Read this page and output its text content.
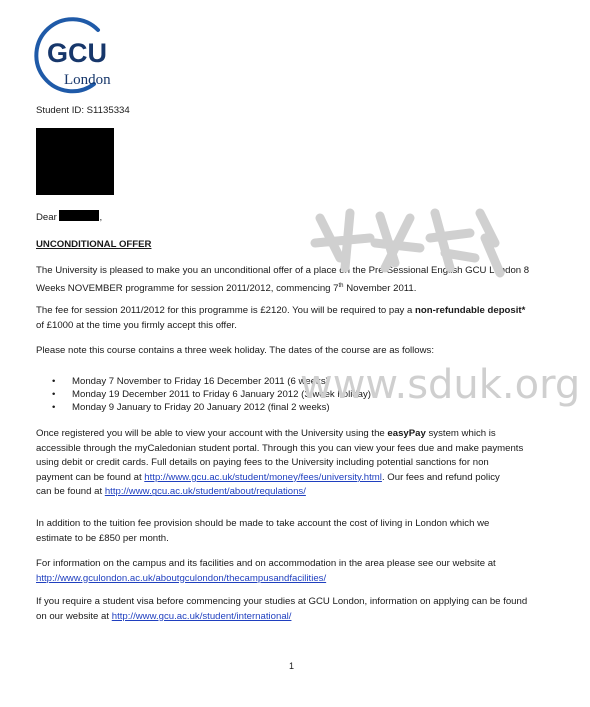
GCU
London
Student ID: S1135334
Dear	,
UNCONDITIONAL OFFER
The University is pleased to make you an unconditional offer of a place on the Pre-Sessional English GCU London 8
Weeks NOVEMBER programme for session 2011/2012, commencing 7th November 2011.
The fee for session 2011/2012 for this programme is £2120. You will be required to pay a non-refundable deposit*
of £1000 at the time you firmly accept this offer.
Please note this course contains a three week holiday. The dates of the course are as follows:
• Monday 7 November to Friday 16 December 2011 (6 weeks)
• Monday 19 December 2011 to Friday 6 January 2012 (3 week holiday)
• Monday 9 January to Friday 20 January 2012 (final 2 weeks)
Once registered you will be able to view your account with the University using the easyPay system which is
accessible through the myCaledonian student portal. Through this you can view your fees due and make payments
using debit or credit cards. Full details on paying fees to the University including potential sanctions for non
payment can be found at http://www.gcu.ac.uk/student/money/fees/university.html. Our fees and refund policy
can be found at http://www.gcu.ac.uk/student/about/regulations/
In addition to the tuition fee provision should be made to take account the cost of living in London which we
estimate to be £850 per month.
For information on the campus and its facilities and on accommodation in the area please see our website at
http://www.gculondon.ac.uk/aboutgculondon/thecampusandfacilities/
If you require a student visa before commencing your studies at GCU London, information on applying can be found
on our website at http://www.gcu.ac.uk/student/international/
1
www.sduk.org
